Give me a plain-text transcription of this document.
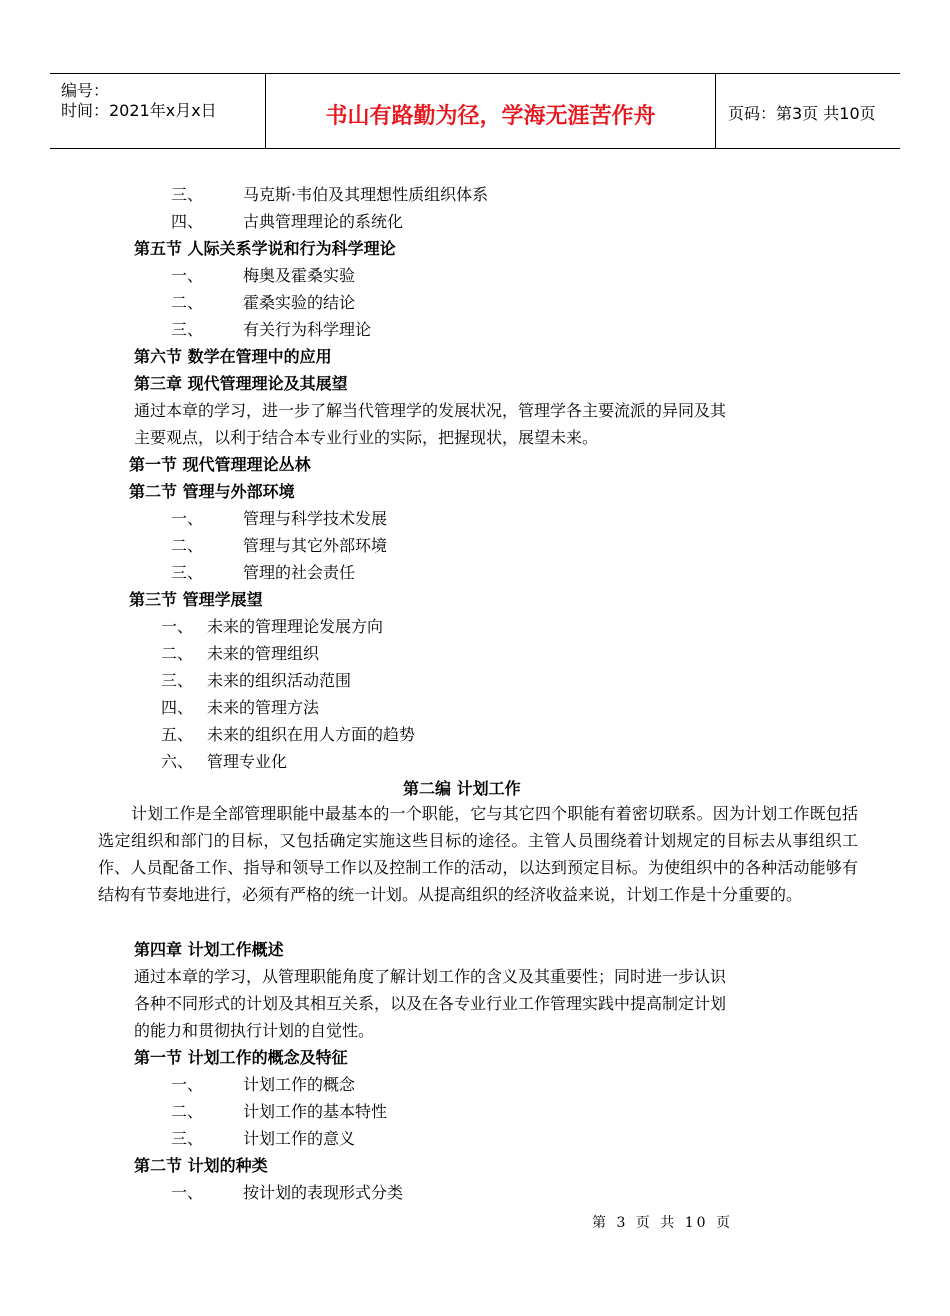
编号：
时间：2021年x月x日	书山有路勤为径，学海无涯苦作舟	页码：第3页 共10页
三、 马克斯·韦伯及其理想性质组织体系
四、 古典管理理论的系统化
第五节 人际关系学说和行为科学理论
一、 梅奥及霍桑实验
二、 霍桑实验的结论
三、 有关行为科学理论
第六节 数学在管理中的应用
第三章 现代管理理论及其展望
通过本章的学习，进一步了解当代管理学的发展状况，管理学各主要流派的异同及其
主要观点，以利于结合本专业行业的实际，把握现状，展望未来。
第一节 现代管理理论丛林
第二节 管理与外部环境
一、 管理与科学技术发展
二、 管理与其它外部环境
三、 管理的社会责任
第三节 管理学展望
一、 未来的管理理论发展方向
二、 未来的管理组织
三、 未来的组织活动范围
四、 未来的管理方法
五、 未来的组织在用人方面的趋势
六、 管理专业化
第二编 计划工作
计划工作是全部管理职能中最基本的一个职能，它与其它四个职能有着密切联系。因为计划工作既包括选定组织和部门的目标，又包括确定实施这些目标的途径。主管人员围绕着计划规定的目标去从事组织工作、人员配备工作、指导和领导工作以及控制工作的活动，以达到预定目标。为使组织中的各种活动能够有结构有节奏地进行，必须有严格的统一计划。从提高组织的经济收益来说，计划工作是十分重要的。
第四章 计划工作概述
通过本章的学习，从管理职能角度了解计划工作的含义及其重要性；同时进一步认识
各种不同形式的计划及其相互关系，以及在各专业行业工作管理实践中提高制定计划
的能力和贯彻执行计划的自觉性。
第一节 计划工作的概念及特征
一、 计划工作的概念
二、 计划工作的基本特性
三、 计划工作的意义
第二节 计划的种类
一、 按计划的表现形式分类
第 3 页 共 10 页
